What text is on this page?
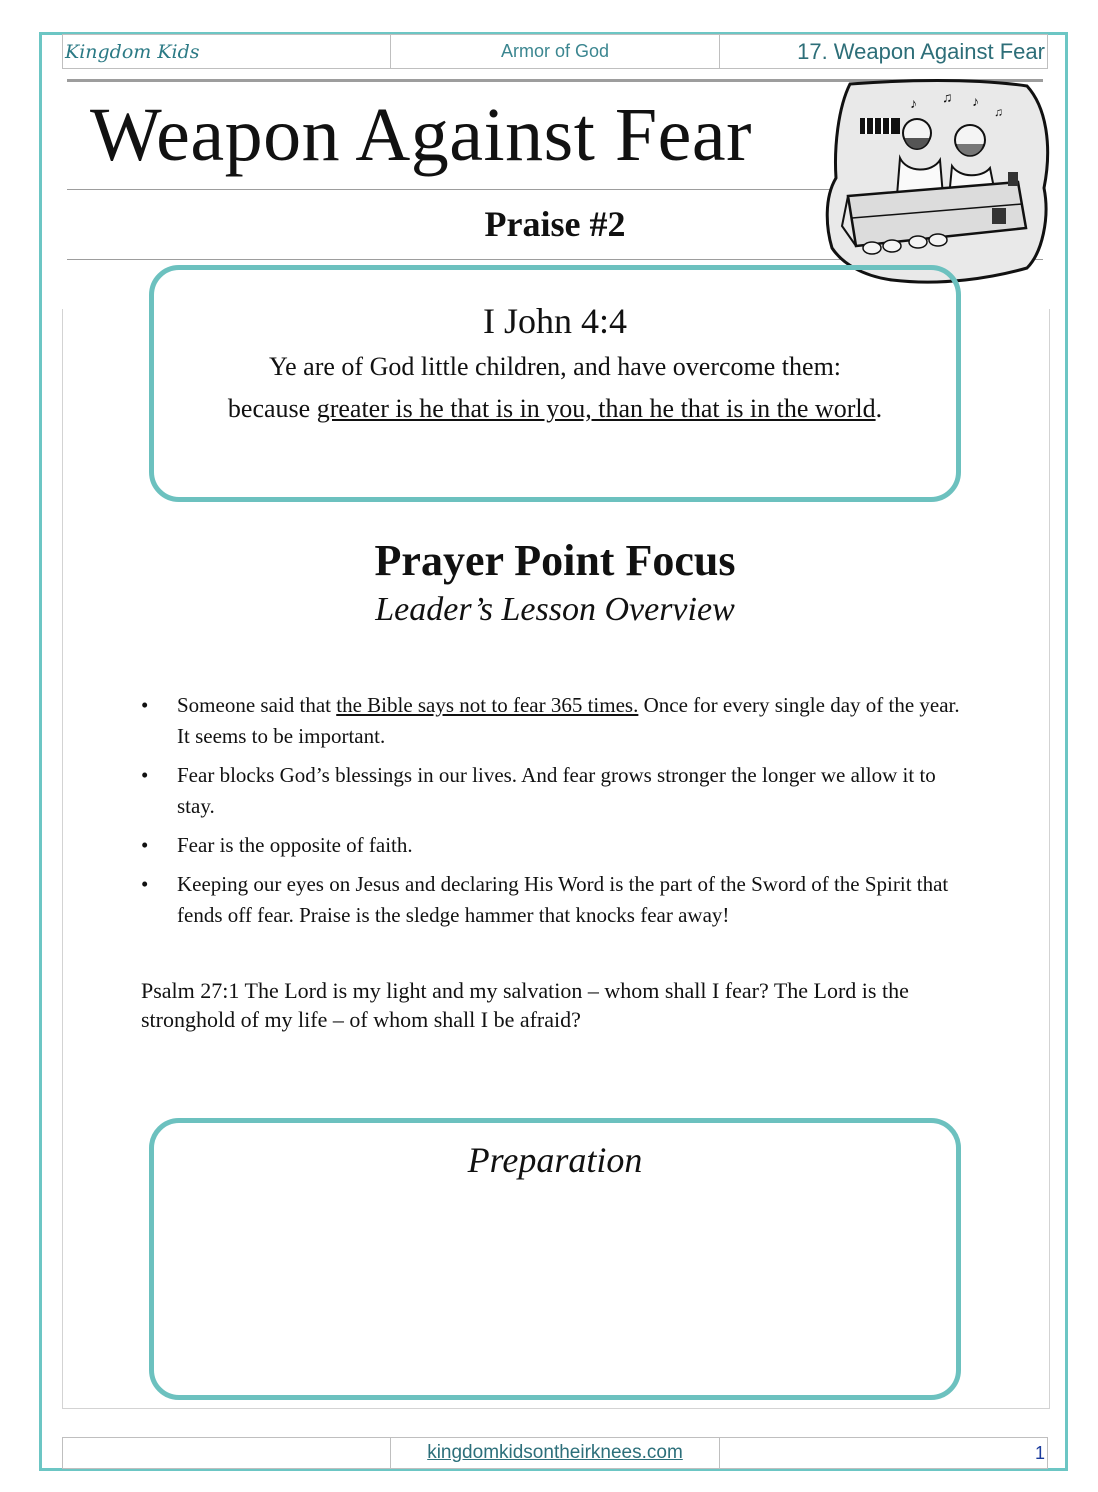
Kingdom Kids	Armor of God	17. Weapon Against Fear
Weapon Against Fear
Praise #2
♪ ♫ ♪
♫
I John 4:4
Ye are of God little children, and have overcome them:
because greater is he that is in you, than he that is in the world.
Prayer Point Focus
Leader’s Lesson Overview
• Someone said that the Bible says not to fear 365 times. Once for every single day of the year. It seems to be important.
• Fear blocks God’s blessings in our lives. And fear grows stronger the longer we allow it to stay.
• Fear is the opposite of faith.
• Keeping our eyes on Jesus and declaring His Word is the part of the Sword of the Spirit that fends off fear. Praise is the sledge hammer that knocks fear away!
Psalm 27:1 The Lord is my light and my salvation – whom shall I fear? The Lord is the stronghold of my life – of whom shall I be afraid?
Preparation
kingdomkidsontheirknees.com	1
